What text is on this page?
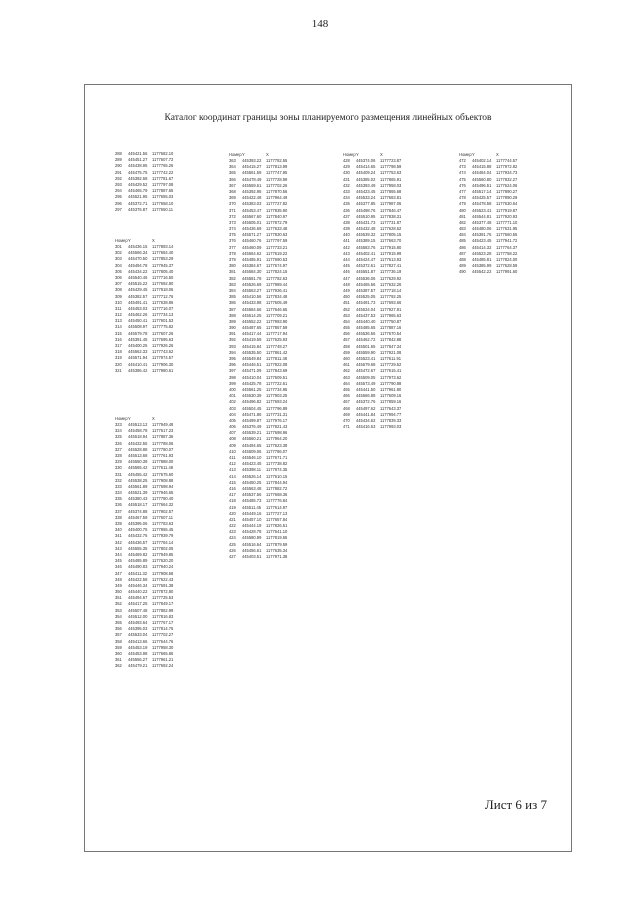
148
Каталог координат границы зоны планируемого размещения линейных объектов
288	445421.56	1177682.10
289	445451.27	1177607.72
290	445438.95	1177765.26
291	445475.75	1177742.22
292	445392.68	1177781.67
293	445429.52	1177797.08
294	445465.79	1177887.65
295	445521.95	1177655.03
296	445372.71	1177658.10
297	445376.87	1177650.11
Номер Y	X
301	445436.15	1177893.14
302	445566.34	1177684.40
303	445470.50	1177853.29
304	445494.78	1177945.37
305	445434.22	1177805.40
306	445540.46	1177716.50
307	445515.22	1177692.80
308	445429.45	1177918.06
309	445382.57	1177712.76
310	445491.41	1177638.86
311	445453.03	1177716.07
312	445462.26	1177734.13
313	445450.41	1177601.53
314	445508.97	1177775.82
315	445579.78	1177607.26
316	445391.45	1177695.63
317	445400.25	1177926.26
318	445562.33	1177743.62
319	445571.94	1177974.57
320	445410.41	1177906.30
321	445386.42	1177980.61
Номер Y	X
323	445513.12	1177949.48
324	445458.78	1177617.23
325	445518.94	1177887.36
326	445432.55	1177788.06
327	445528.88	1177780.07
328	445513.68	1177761.93
329	445550.39	1177888.00
330	445565.42	1177611.48
331	445455.42	1177675.60
332	445538.25	1177908.88
333	445561.89	1177698.94
334	445521.39	1177946.65
335	445380.43	1177780.40
336	445518.17	1177664.32
337	445374.88	1177902.57
338	445467.59	1177607.11
339	445395.06	1177783.63
340	445400.75	1177865.45
341	445432.76	1177939.79
342	445436.57	1177784.14
343	445555.35	1177802.05
344	445469.82	1177949.85
345	445485.89	1177620.20
346	445490.83	1177940.24
347	445411.32	1177908.58
348	445422.58	1177622.43
349	445446.34	1177691.38
350	445440.22	1177872.80
351	445494.67	1177725.53
352	445417.25	1177849.17
353	445507.48	1177882.99
354	445512.00	1177816.83
355	445493.64	1177767.17
356	445395.03	1177814.76
357	445533.04	1177702.27
358	445413.66	1177644.76
359	445453.19	1177958.30
360	445453.98	1177665.86
361	445556.27	1177961.21
362	445479.21	1177692.24
Номер Y	X
363	445393.22	1177782.55
364	445415.27	1177813.99
365	445561.59	1177747.95
366	445478.49	1177728.99
367	445559.61	1177702.26
368	445392.95	1177870.56
369	445422.48	1177964.49
370	445383.03	1177727.82
371	445453.47	1177835.90
372	445567.60	1177840.97
373	445505.01	1177872.79
374	445436.69	1177633.48
375	445571.27	1177830.63
376	445460.76	1177797.59
377	445460.09	1177733.21
378	445564.62	1177619.22
379	445485.91	1177690.53
380	445384.67	1177674.97
381	445584.30	1177824.15
382	445581.78	1177782.63
383	445526.69	1177989.44
384	445563.27	1177936.41
385	445410.56	1177834.48
386	445433.98	1177605.49
387	445584.66	1177646.65
388	445514.25	1177709.21
389	445552.22	1177993.90
390	445487.65	1177857.59
391	445417.44	1177717.94
392	445419.59	1177625.93
393	445415.84	1177748.27
394	445535.50	1177861.42
395	445549.84	1177811.48
396	445446.51	1177922.08
397	445471.09	1177843.69
398	445410.04	1177609.51
399	445425.78	1177722.61
400	445561.25	1177734.95
401	445530.39	1177903.25
402	445496.82	1177693.24
403	445504.45	1177796.89
404	445471.86	1177731.31
405	445499.87	1177976.17
406	445376.49	1177821.43
407	445539.21	1177698.96
408	445560.21	1177964.20
409	445494.65	1177623.38
410	445509.06	1177786.07
411	445546.10	1177671.71
412	445423.45	1177738.82
413	445398.11	1177874.35
414	445526.14	1177610.15
415	445450.25	1177844.94
416	445563.48	1177882.72
417	445537.56	1177668.36
418	445485.73	1177776.84
419	445511.45	1177614.97
420	445449.16	1177727.13
421	445457.10	1177657.84
422	445444.19	1177826.51
423	445428.78	1177641.10
424	445580.99	1177819.65
425	445516.64	1177879.59
426	445456.61	1177635.34
427	445403.51	1177971.38
Номер Y	X
428	445374.06	1177723.87
429	445414.65	1177798.59
430	445409.24	1177753.63
431	445385.02	1177865.91
432	445393.49	1177958.03
433	445423.45	1177865.68
434	445533.24	1177683.81
435	445377.85	1177987.06
436	445498.76	1177846.47
437	445510.95	1177838.31
438	445431.73	1177731.87
439	445432.48	1177628.62
440	445539.32	1177805.15
441	445389.15	1177663.70
442	445583.76	1177915.80
443	445402.41	1177915.99
444	445424.47	1177613.93
445	445372.61	1177827.41
446	445551.87	1177736.19
447	445536.06	1177629.92
448	445465.56	1177632.26
449	445387.57	1177718.14
450	445525.05	1177792.25
451	445491.73	1177693.66
452	445534.04	1177927.91
453	445437.53	1177965.63
454	445440.40	1177750.87
455	445485.65	1177887.16
456	445536.56	1177670.54
457	445462.72	1177842.88
458	445501.65	1177847.34
459	445559.90	1177921.08
460	445523.41	1177611.91
461	445579.68	1177729.52
462	445472.67	1177615.41
463	445509.05	1177973.62
464	445573.49	1177790.88
465	445441.50	1177961.80
466	445566.88	1177609.16
467	445372.76	1177859.16
468	445497.62	1177643.37
469	445441.84	1177994.77
470	445434.62	1177839.33
471	445416.63	1177993.03
Номер Y	X
472	445402.14	1177744.57
473	445415.88	1177972.82
474	445484.04	1177934.73
475	445560.80	1177832.27
476	445496.51	1177624.06
477	445517.14	1177890.27
478	445425.57	1177890.29
479	445478.58	1177630.64
480	445523.41	1177919.87
481	445544.81	1177920.93
482	445377.48	1177771.10
483	445480.06	1177631.95
484	445391.76	1177660.55
485	445423.45	1177941.72
486	445414.32	1177764.37
487	445523.28	1177758.22
488	445485.81	1177824.00
489	445385.99	1177628.59
490	445542.22	1177991.60
Лист 6 из 7
